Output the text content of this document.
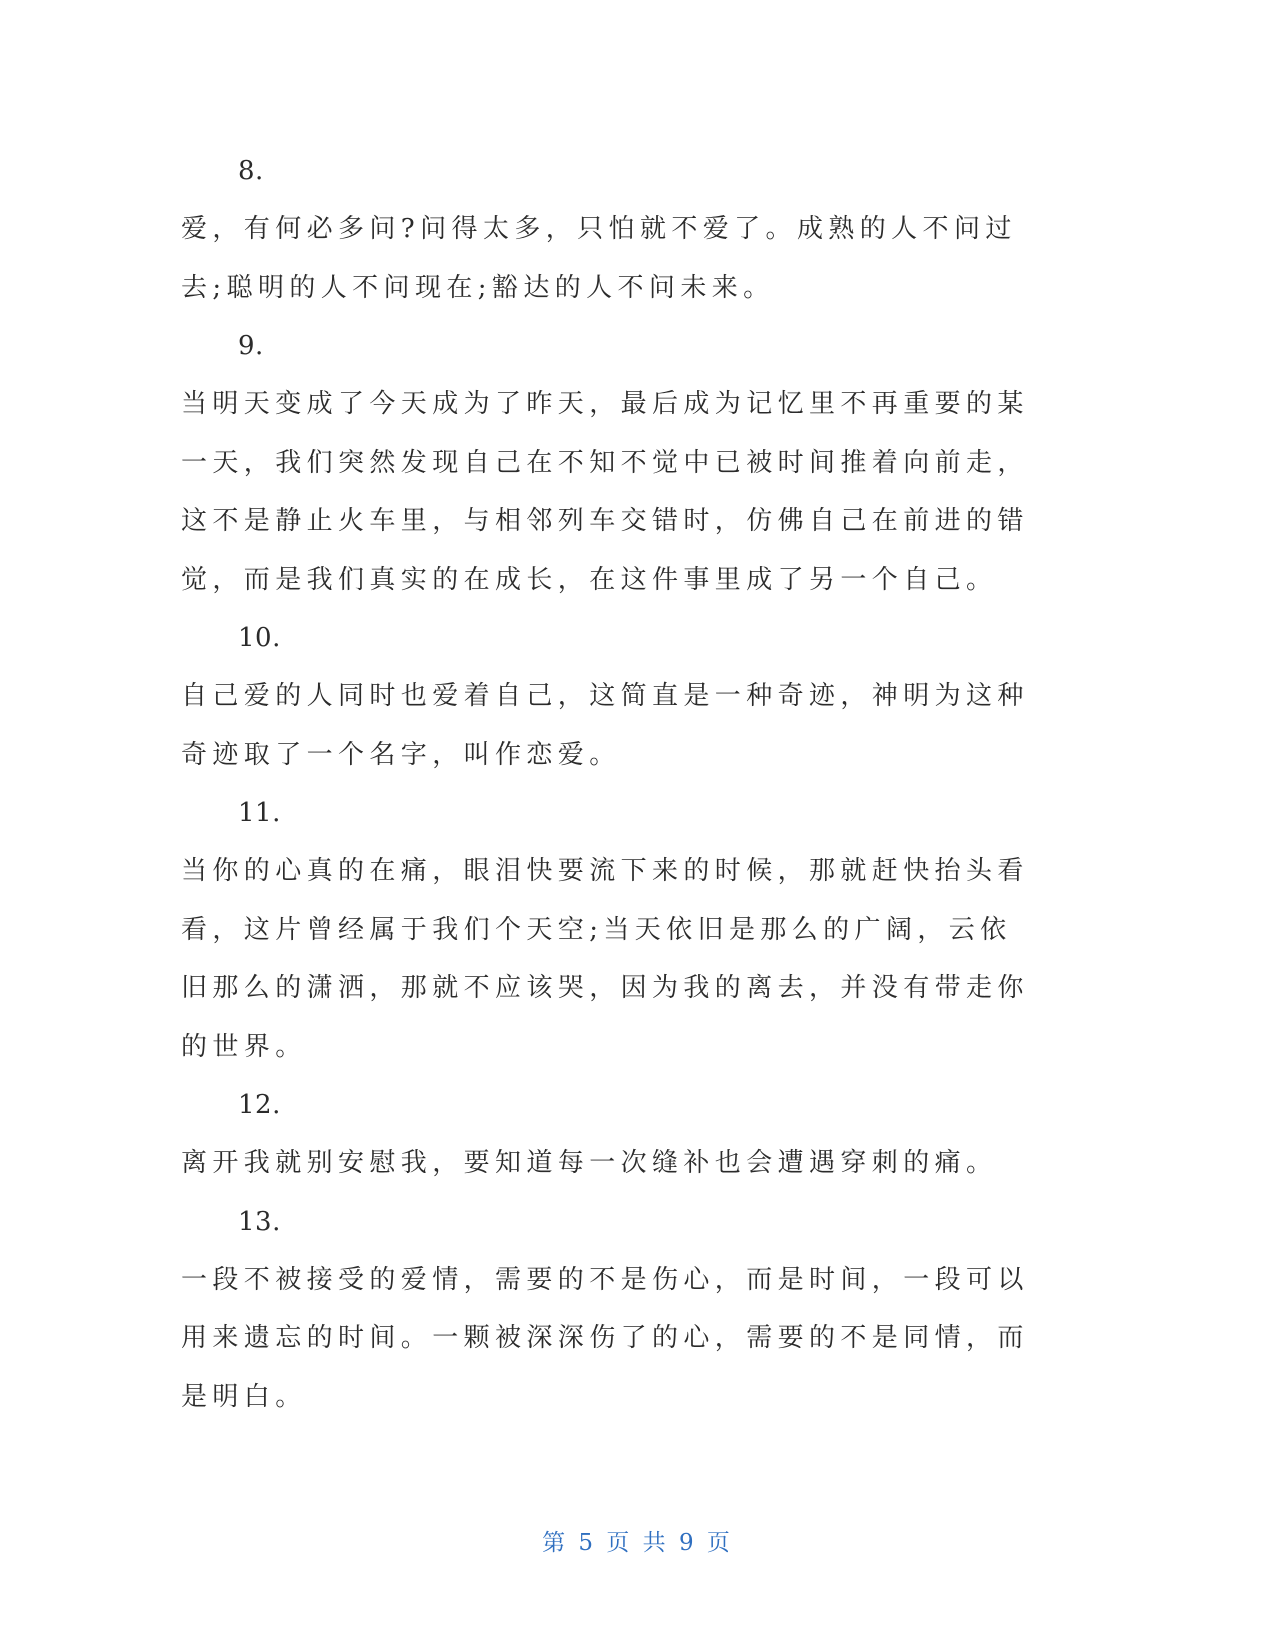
8.

爱，有何必多问?问得太多，只怕就不爱了。成熟的人不问过去;聪明的人不问现在;豁达的人不问未来。

9.

当明天变成了今天成为了昨天，最后成为记忆里不再重要的某一天，我们突然发现自己在不知不觉中已被时间推着向前走，这不是静止火车里，与相邻列车交错时，仿佛自己在前进的错觉，而是我们真实的在成长，在这件事里成了另一个自己。

10.

自己爱的人同时也爱着自己，这简直是一种奇迹，神明为这种奇迹取了一个名字，叫作恋爱。

11.

当你的心真的在痛，眼泪快要流下来的时候，那就赶快抬头看看，这片曾经属于我们个天空;当天依旧是那么的广阔，云依旧那么的潇洒，那就不应该哭，因为我的离去，并没有带走你的世界。

12.

离开我就别安慰我，要知道每一次缝补也会遭遇穿刺的痛。

13.

一段不被接受的爱情，需要的不是伤心，而是时间，一段可以用来遗忘的时间。一颗被深深伤了的心，需要的不是同情，而是明白。

第 5 页 共 9 页
